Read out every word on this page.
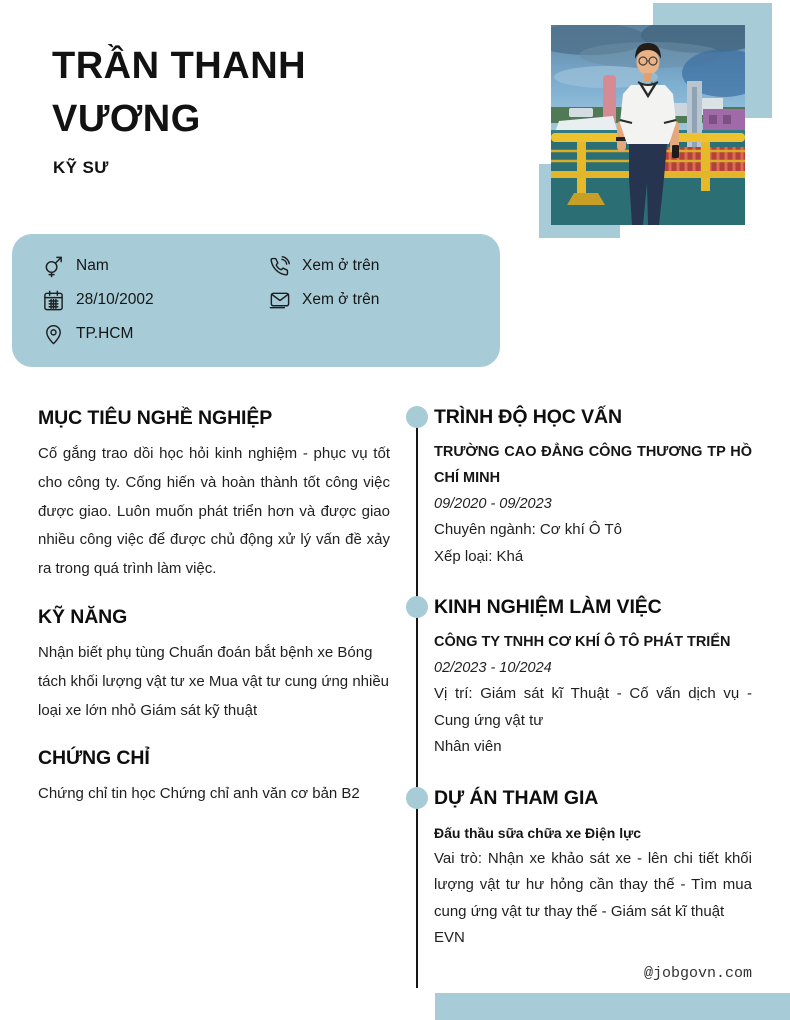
TRẦN THANH VƯƠNG
KỸ SƯ
Nam
28/10/2002
TP.HCM
Xem ở trên
Xem ở trên
MỤC TIÊU NGHỀ NGHIỆP

Cố gắng trao dồi học hỏi kinh nghiệm - phục vụ tốt cho công ty. Cống hiến và hoàn thành tốt công việc được giao. Luôn muốn phát triển hơn và được giao nhiều công việc để được chủ động xử lý vấn đề xảy ra trong quá trình làm việc.

KỸ NĂNG

Nhận biết phụ tùng Chuẩn đoán bắt bệnh xe Bóng tách khối lượng vật tư xe Mua vật tư cung ứng nhiều loại xe lớn nhỏ Giám sát kỹ thuật

CHỨNG CHỈ

Chứng chỉ tin học Chứng chỉ anh văn cơ bản B2

TRÌNH ĐỘ HỌC VẤN

TRƯỜNG CAO ĐẲNG CÔNG THƯƠNG TP HỒ CHÍ MINH

09/2020 - 09/2023

Chuyên ngành: Cơ khí Ô Tô

Xếp loại: Khá

KINH NGHIỆM LÀM VIỆC

CÔNG TY TNHH CƠ KHÍ Ô TÔ PHÁT TRIỂN

02/2023 - 10/2024

Vị trí: Giám sát kĩ Thuật - Cố vấn dịch vụ - Cung ứng vật tư

Nhân viên

DỰ ÁN THAM GIA

Đấu thầu sữa chữa xe Điện lực

Vai trò: Nhận xe khảo sát xe - lên chi tiết khối lượng vật tư hư hỏng cần thay thế - Tìm mua cung ứng vật tư thay thế - Giám sát kĩ thuật

EVN

@jobgovn.com
